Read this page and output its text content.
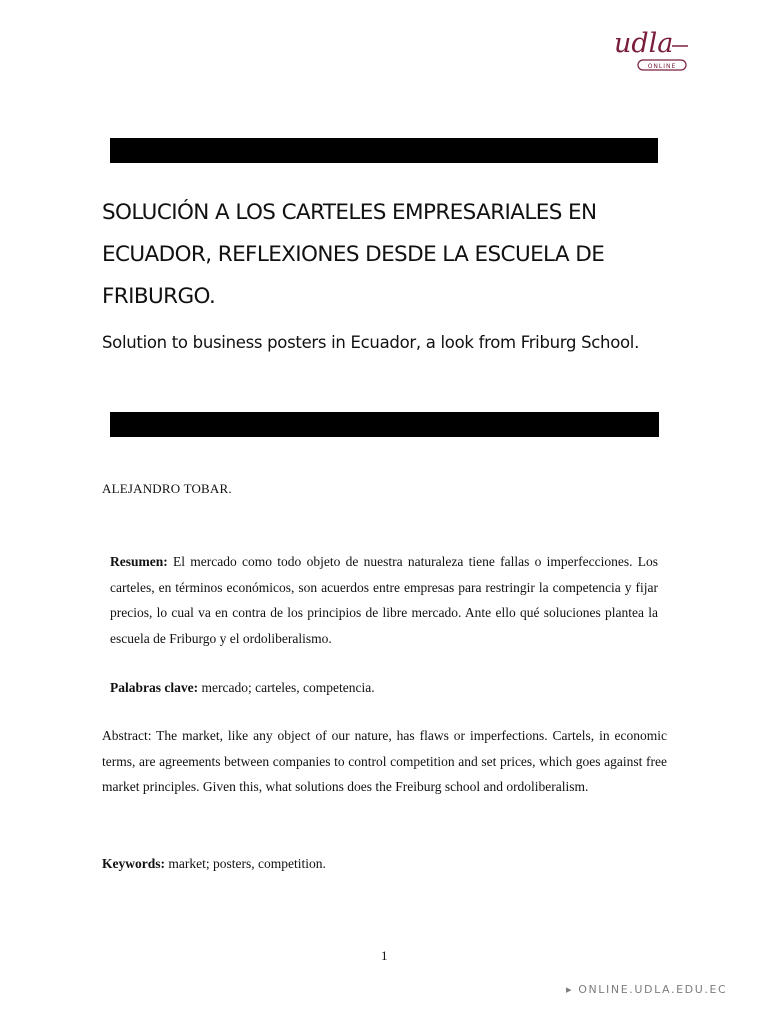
udla
ONLINE
SOLUCIÓN A LOS CARTELES EMPRESARIALES EN ECUADOR, REFLEXIONES DESDE LA ESCUELA DE FRIBURGO.

Solution to business posters in Ecuador, a look from Friburg School.

ALEJANDRO TOBAR.

Resumen: El mercado como todo objeto de nuestra naturaleza tiene fallas o imperfecciones. Los carteles, en términos económicos, son acuerdos entre empresas para restringir la competencia y fijar precios, lo cual va en contra de los principios de libre mercado. Ante ello qué soluciones plantea la escuela de Friburgo y el ordoliberalismo.

Palabras clave: mercado; carteles, competencia.

Abstract: The market, like any object of our nature, has flaws or imperfections. Cartels, in economic terms, are agreements between companies to control competition and set prices, which goes against free market principles. Given this, what solutions does the Freiburg school and ordoliberalism.

Keywords: market; posters, competition.

1
▸ ONLINE.UDLA.EDU.EC
